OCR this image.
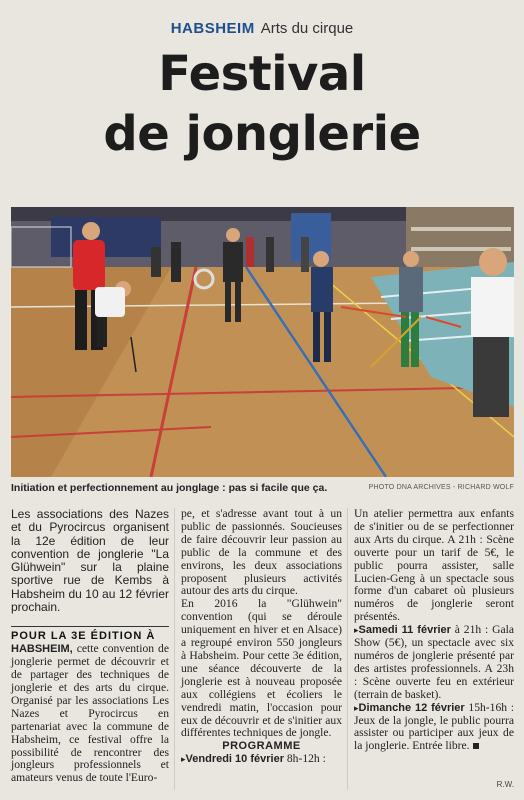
HABSHEIM Arts du cirque
Festival
de jonglerie
Initiation et perfectionnement au jonglage : pas si facile que ça.	PHOTO DNA ARCHIVES - RICHARD WOLF

Les associations des Nazes et du Pyrocircus organisent la 12e édition de leur convention de jonglerie "La Glühwein" sur la plaine sportive rue de Kembs à Habsheim du 10 au 12 février prochain.

POUR LA 3E ÉDITION À

HABSHEIM, cette convention de jonglerie permet de découvrir et de partager des techniques de jonglerie et des arts du cirque. Organisé par les associations Les Nazes et Pyrocircus en partenariat avec la commune de Habsheim, ce festival offre la possibilité de rencontrer des jongleurs professionnels et amateurs venus de toute l'Euro-

pe, et s'adresse avant tout à un public de passionnés. Soucieuses de faire découvrir leur passion au public de la commune et des environs, les deux associations proposent plusieurs activités autour des arts du cirque.

En 2016 la "Glühwein" convention (qui se déroule uniquement en hiver et en Alsace) a regroupé environ 550 jongleurs à Habsheim. Pour cette 3e édition, une séance découverte de la jonglerie est à nouveau proposée aux collégiens et écoliers le vendredi matin, l'occasion pour eux de découvrir et de s'initier aux différentes techniques de jongle.

PROGRAMME

▸Vendredi 10 février 8h-12h :

Un atelier permettra aux enfants de s'initier ou de se perfectionner aux Arts du cirque. A 21h : Scène ouverte pour un tarif de 5€, le public pourra assister, salle Lucien-Geng à un spectacle sous forme d'un cabaret où plusieurs numéros de jonglerie seront présentés.

▸Samedi 11 février à 21h : Gala Show (5€), un spectacle avec six numéros de jonglerie présenté par des artistes professionnels. A 23h : Scène ouverte feu en extérieur (terrain de basket).

▸Dimanche 12 février 15h-16h : Jeux de la jongle, le public pourra assister ou participer aux jeux de la jonglerie. Entrée libre.

R.W.
